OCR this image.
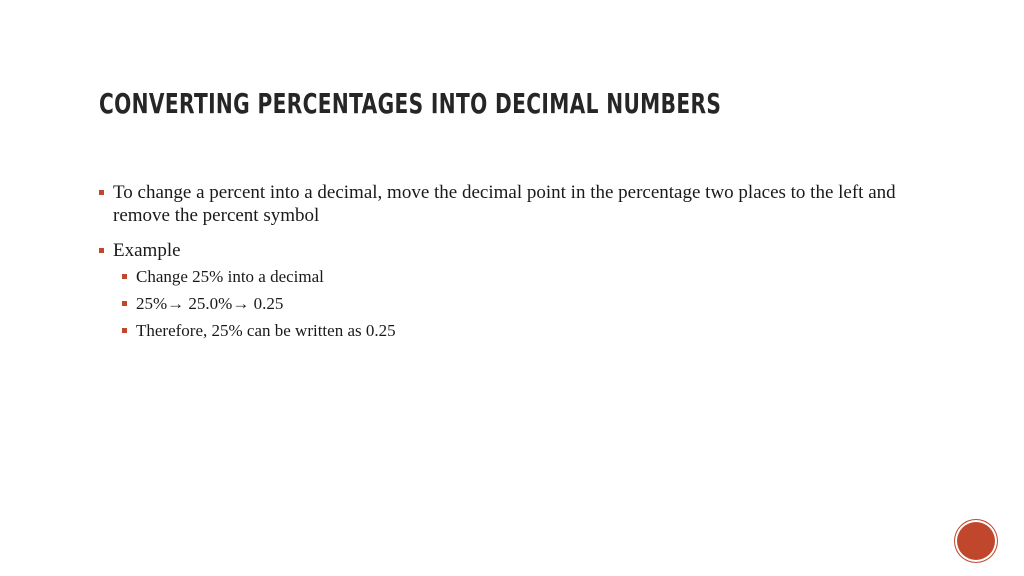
CONVERTING PERCENTAGES INTO DECIMAL NUMBERS
To change a percent into a decimal, move the decimal point in the percentage two places to the left and remove the percent symbol
Example
Change 25% into a decimal
25%→ 25.0%→ 0.25
Therefore, 25% can be written as 0.25
